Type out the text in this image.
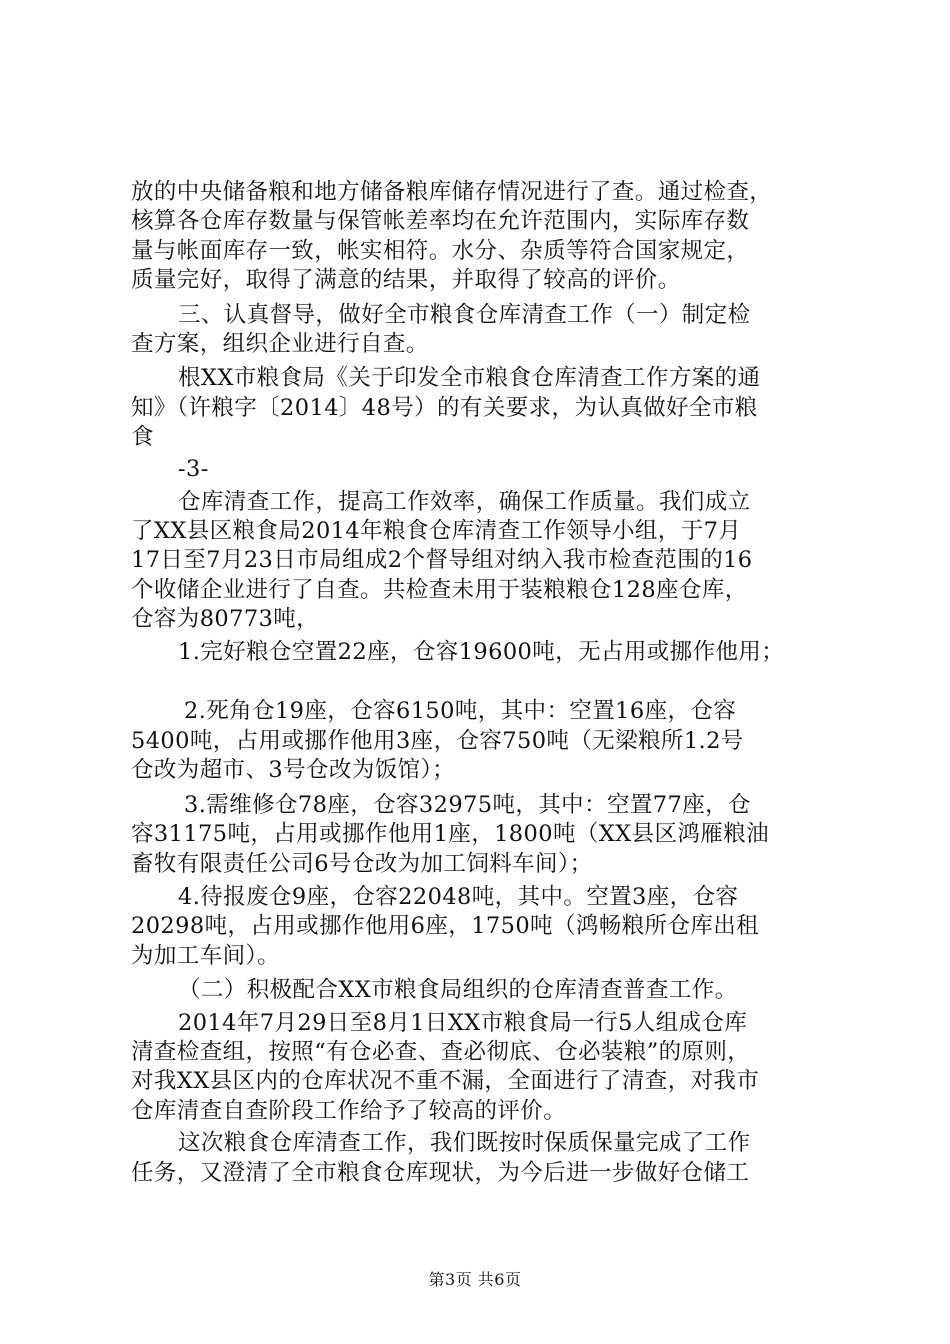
放的中央储备粮和地方储备粮库储存情况进行了查。通过检查，
核算各仓库存数量与保管帐差率均在允许范围内，实际库存数
量与帐面库存一致，帐实相符。水分、杂质等符合国家规定，
质量完好，取得了满意的结果，并取得了较高的评价。
三、认真督导，做好全市粮食仓库清查工作（一）制定检
查方案，组织企业进行自查。
根XX市粮食局《关于印发全市粮食仓库清查工作方案的通
知》（许粮字〔2014〕48号）的有关要求，为认真做好全市粮
食
-3-
仓库清查工作，提高工作效率，确保工作质量。我们成立
了XX县区粮食局2014年粮食仓库清查工作领导小组，于7月
17日至7月23日市局组成2个督导组对纳入我市检查范围的16
个收储企业进行了自查。共检查未用于装粮粮仓128座仓库，
仓容为80773吨，
1.完好粮仓空置22座，仓容19600吨，无占用或挪作他用；
2.死角仓19座，仓容6150吨，其中：空置16座，仓容
5400吨，占用或挪作他用3座，仓容750吨（无梁粮所1.2号
仓改为超市、3号仓改为饭馆）；
3.需维修仓78座，仓容32975吨，其中：空置77座，仓
容31175吨，占用或挪作他用1座，1800吨（XX县区鸿雁粮油
畜牧有限责任公司6号仓改为加工饲料车间）；
4.待报废仓9座，仓容22048吨，其中。空置3座，仓容
20298吨，占用或挪作他用6座，1750吨（鸿畅粮所仓库出租
为加工车间）。
（二）积极配合XX市粮食局组织的仓库清查普查工作。
2014年7月29日至8月1日XX市粮食局一行5人组成仓库
清查检查组，按照“有仓必查、查必彻底、仓必装粮”的原则，
对我XX县区内的仓库状况不重不漏，全面进行了清查，对我市
仓库清查自查阶段工作给予了较高的评价。
这次粮食仓库清查工作，我们既按时保质保量完成了工作
任务，又澄清了全市粮食仓库现状，为今后进一步做好仓储工
第3页 共6页
